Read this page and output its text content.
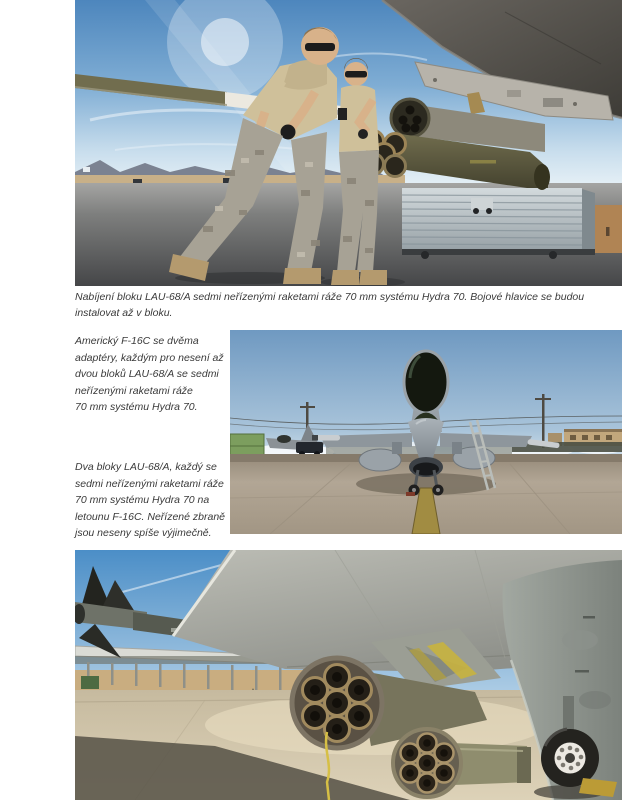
Nabíjení bloku LAU-68/A sedmi neřízenými raketami ráže 70 mm systému Hydra 70. Bojové hlavice se budou
instalovat až v bloku.
Americký F-16C se dvěma
adaptéry, každým pro nesení až
dvou bloků LAU-68/A se sedmi
neřízenými raketami ráže
70 mm systému Hydra 70.
Dva bloky LAU-68/A, každý se
sedmi neřízenými raketami ráže
70 mm systému Hydra 70 na
letounu F-16C. Neřízené zbraně
jsou neseny spíše výjimečně.
